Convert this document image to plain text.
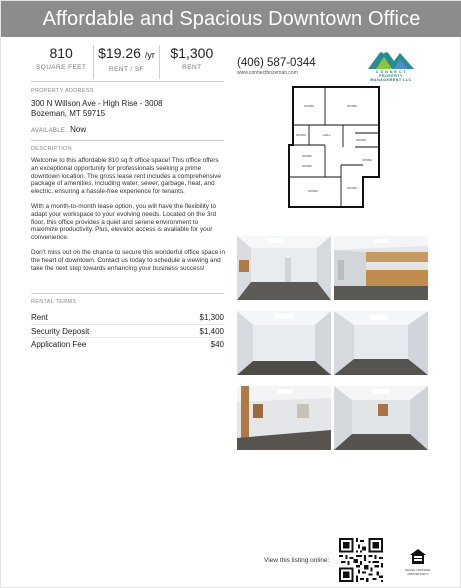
Affordable and Spacious Downtown Office
810
SQUARE FEET
$19.26 /yr
RENT / SF
$1,300
RENT
PROPERTY ADDRESS
300 N Willson Ave - High Rise - 3008
Bozeman, MT 59715
AVAILABLE: Now
DESCRIPTION

Welcome to this affordable 810 sq ft office space! This office offers an exceptional opportunity for professionals seeking a prime downtown location. The gross lease rent includes a comprehensive package of amenities, including water, sewer, garbage, heat, and electric, ensuring a hassle-free experience for tenants.

With a month-to-month lease option, you will have the flexibility to adapt your workspace to your evolving needs. Located on the 3rd floor, this office provides a quiet and serene environment to maximize productivity. Plus, elevator access is available for your convenience.

Don't miss out on the chance to secure this wonderful office space in the heart of downtown. Contact us today to schedule a viewing and take the next step towards enhancing your business success!

RENTAL TERMS
Rent	$1,300
Security Deposit	$1,400
Application Fee	$40
(406) 587-0344
www.connectbozeman.com	C O N N E C T
PROPERTY
MANAGEMENT LLC
ROOM	ROOM
ROOM	HALL
ROOM
ROOM
ROOM
ROOM
ROOM
ROOM
View this listing online:
EQUAL HOUSING OPPORTUNITY
